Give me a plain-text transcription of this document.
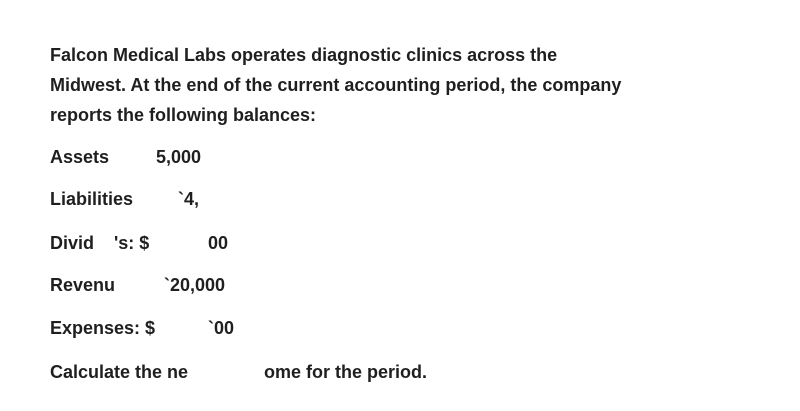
Falcon Medical Labs operates diagnostic clinics across the
Midwest. At the end of the current accounting period, the company
reports the following balances:

Assets	5,000
Liabilities `4,
Divid 's: $	00
Revenu	`20,000
Expenses: $	`00
Calculate the ne	ome for the period.
